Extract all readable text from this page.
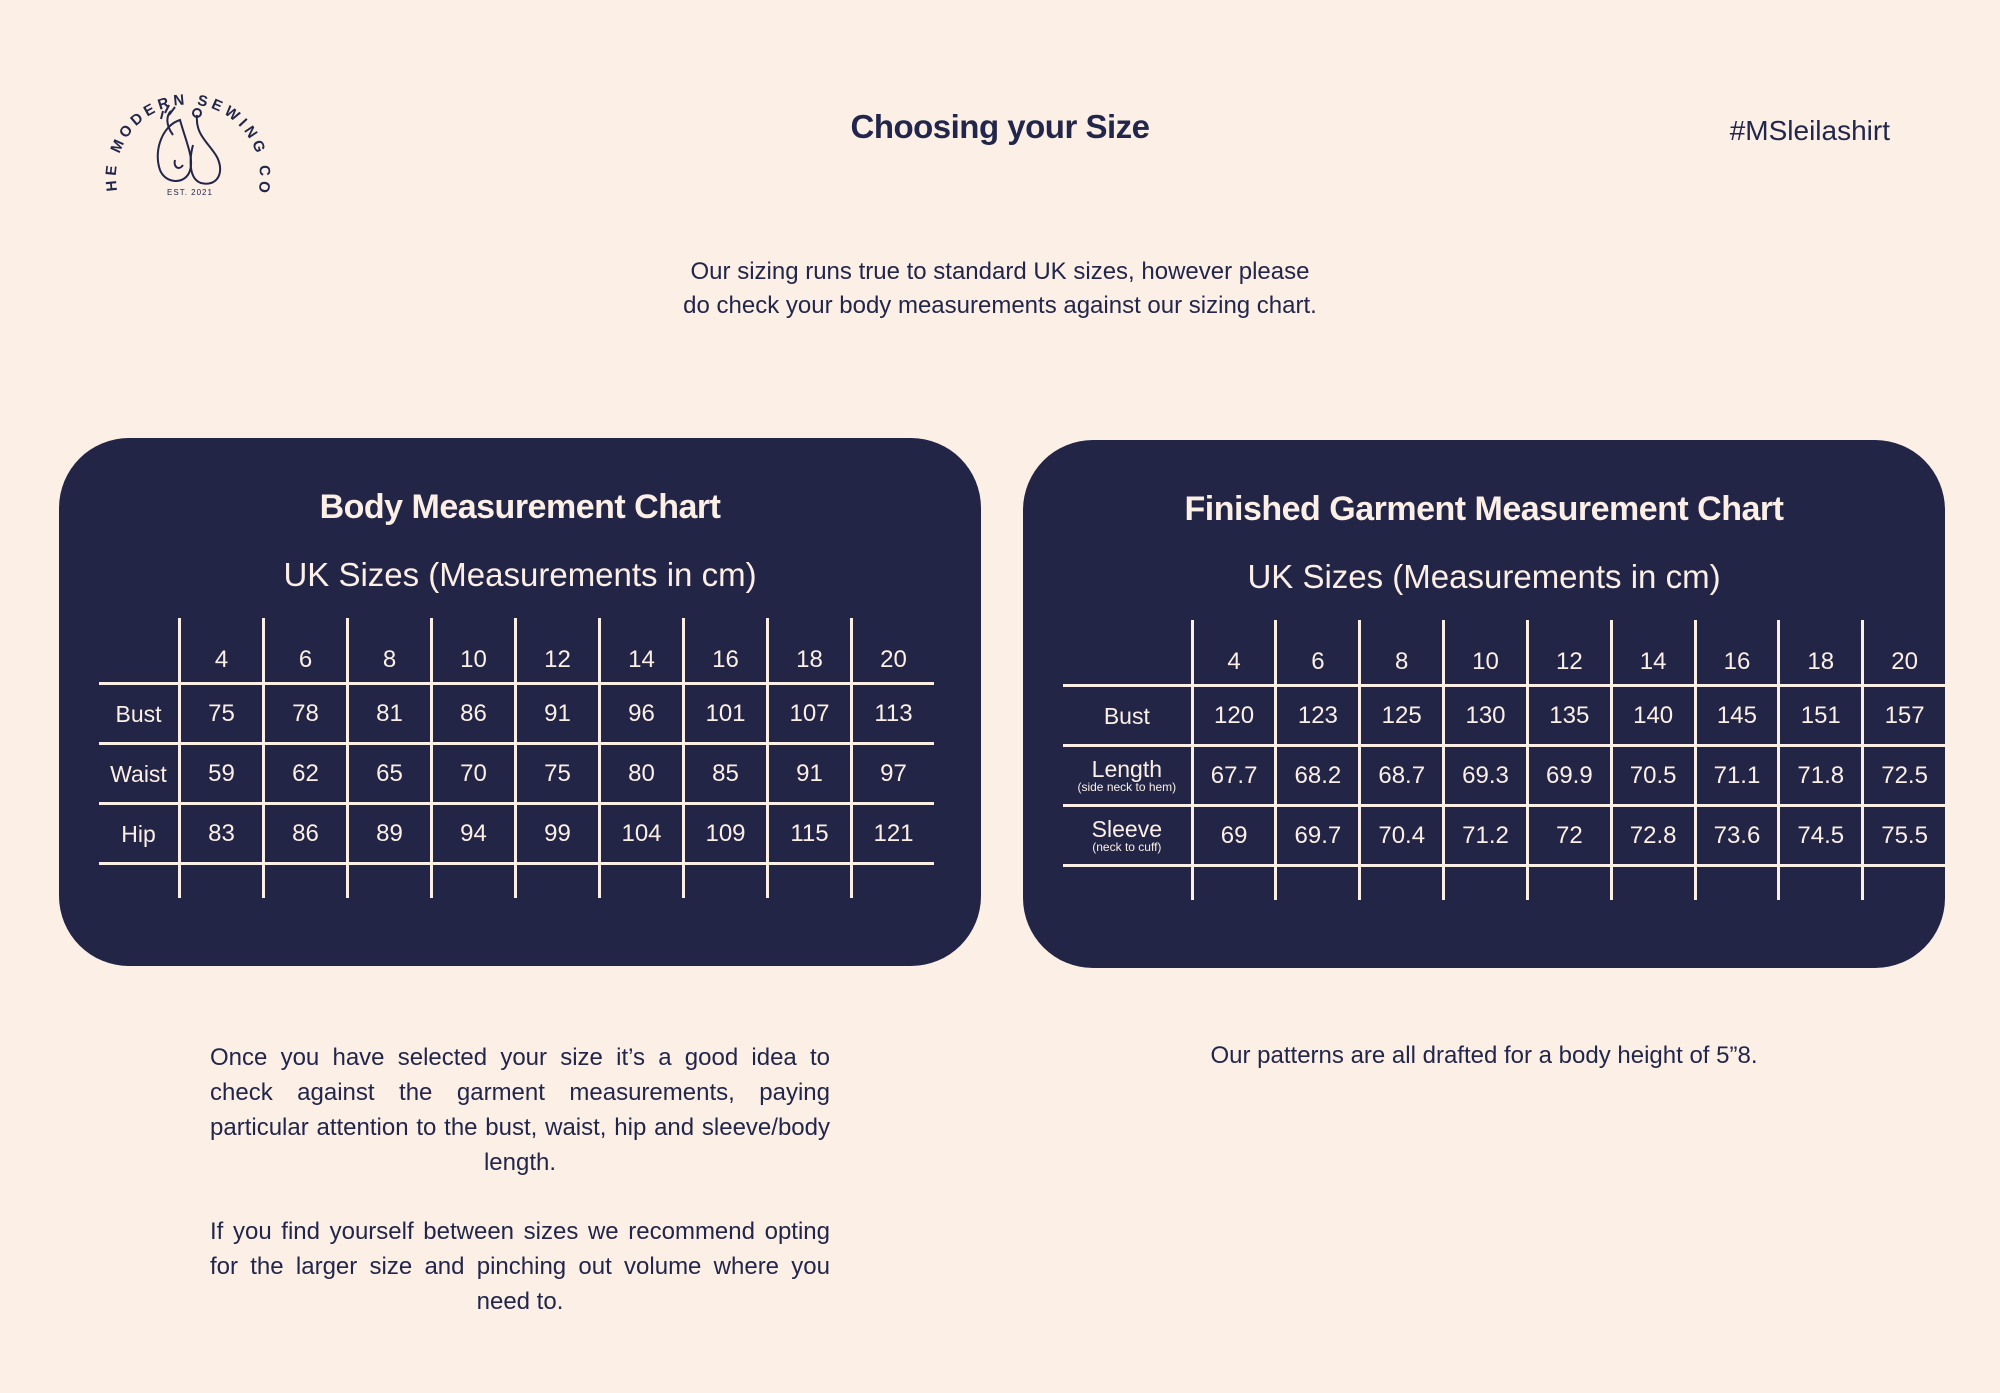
MODERN SEWING CO
EST. 2021
Choosing your Size	#MSleilashirt
Our sizing runs true to standard UK sizes, however please
do check your body measurements against our sizing chart.
Body Measurement Chart
UK Sizes (Measurements in cm)
	4	6	8	10	12	14	16	18	20
Bust	75	78	81	86	91	96	101	107	113
Waist	59	62	65	70	75	80	85	91	97
Hip	83	86	89	94	99	104	109	115	121

Finished Garment Measurement Chart
UK Sizes (Measurements in cm)
	4	6	8	10	12	14	16	18	20
Bust	120	123	125	130	135	140	145	151	157
Length
(side neck to hem)	67.7	68.2	68.7	69.3	69.9	70.5	71.1	71.8	72.5
Sleeve
(neck to cuff)	69	69.7	70.4	71.2	72	72.8	73.6	74.5	75.5

Once you have selected your size it’s a good idea to check against the garment measurements, paying particular attention to the bust, waist, hip and sleeve/body length.

If you find yourself between sizes we recommend opting for the larger size and pinching out volume where you need to.

Our patterns are all drafted for a body height of 5”8.
